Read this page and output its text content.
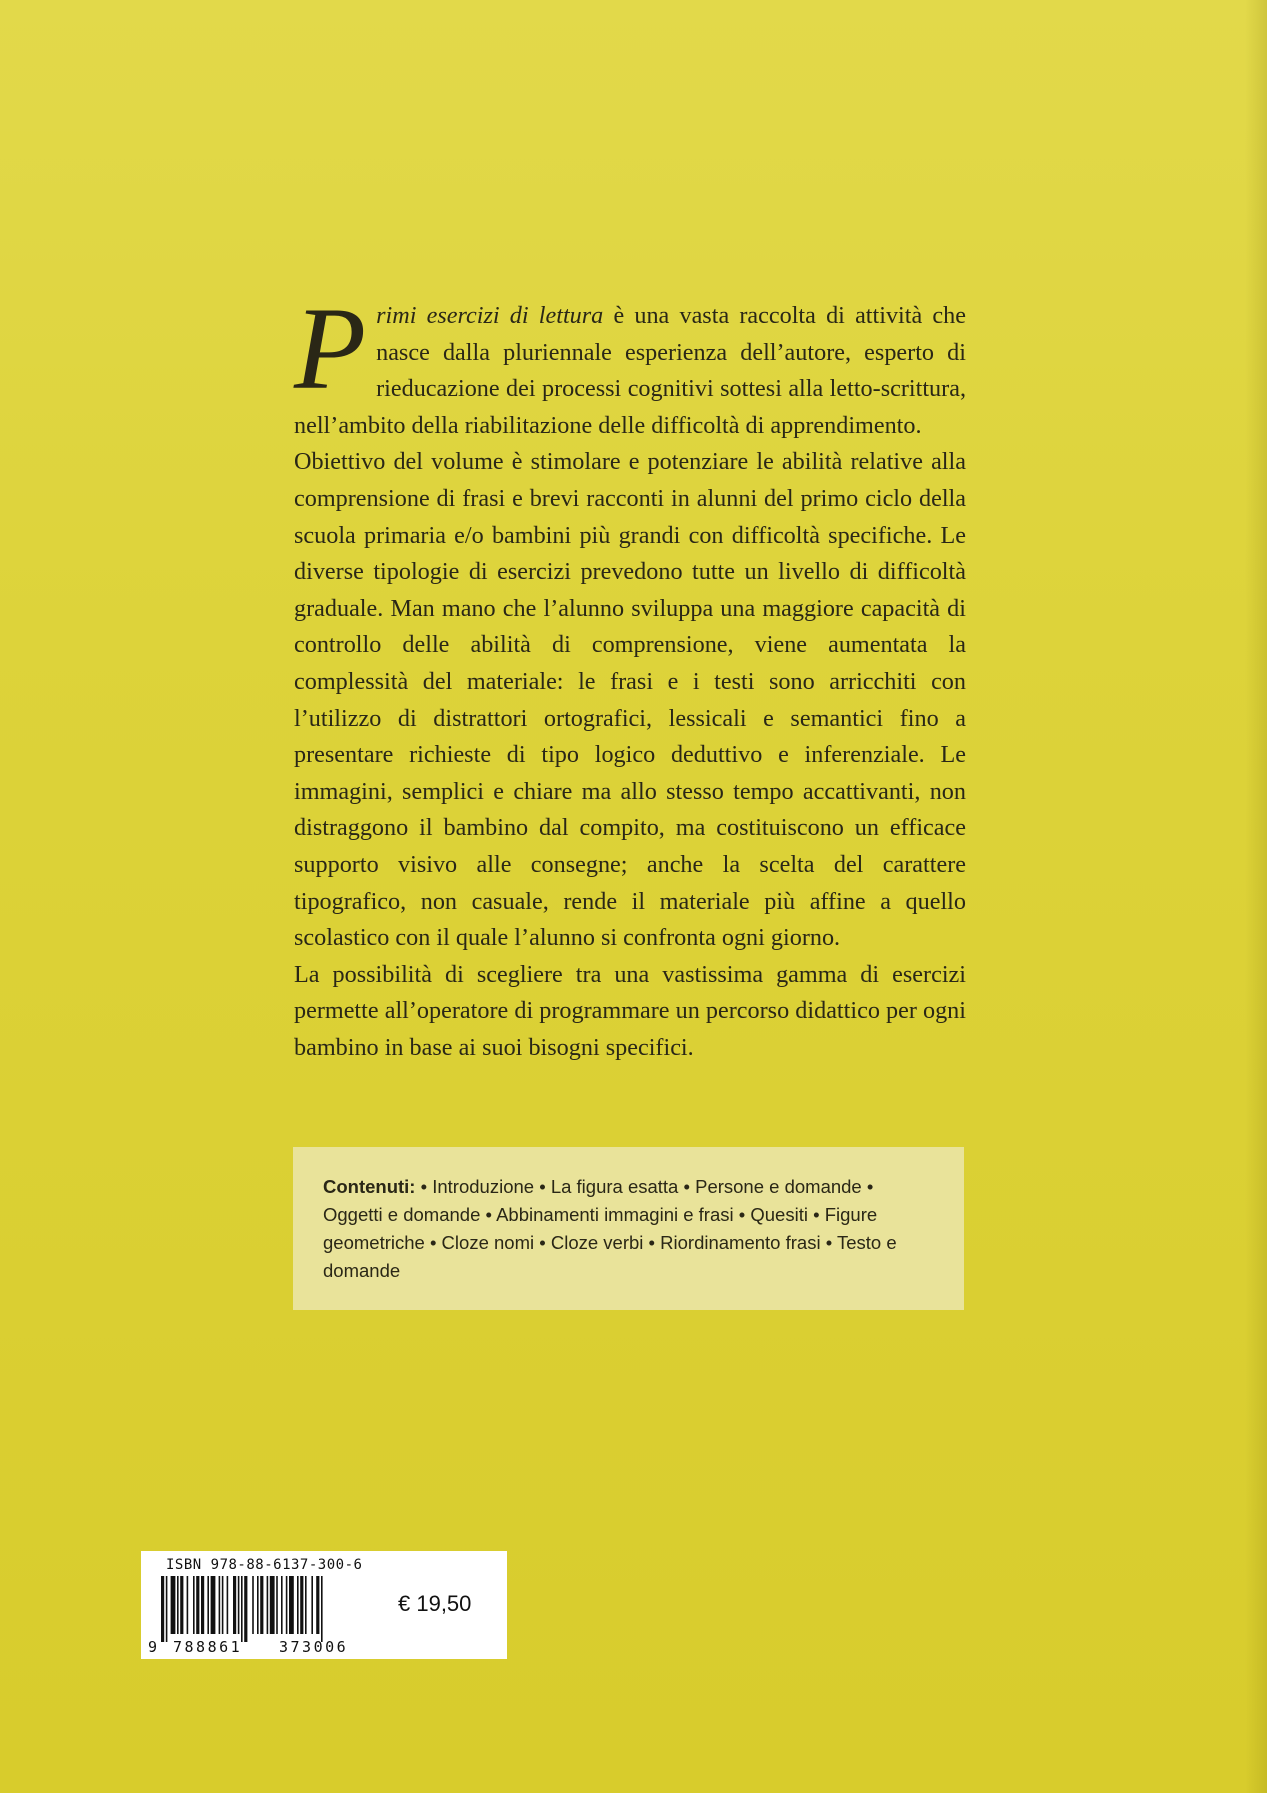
Primi esercizi di lettura è una vasta raccolta di attività che nasce dalla pluriennale esperienza dell’autore, esperto di rieducazione dei processi cognitivi sottesi alla letto-scrittura, nell’ambito della riabilitazione delle difficoltà di apprendimento.

Obiettivo del volume è stimolare e potenziare le abilità relative alla comprensione di frasi e brevi racconti in alunni del primo ciclo della scuola primaria e/o bambini più grandi con difficoltà specifiche. Le diverse tipologie di esercizi prevedono tutte un livello di difficoltà graduale. Man mano che l’alunno sviluppa una maggiore capacità di controllo delle abilità di comprensione, viene aumentata la complessità del materiale: le frasi e i testi sono arricchiti con l’utilizzo di distrattori ortografici, lessicali e semantici fino a presentare richieste di tipo logico deduttivo e inferenziale. Le immagini, semplici e chiare ma allo stesso tempo accattivanti, non distraggono il bambino dal compito, ma costituiscono un efficace supporto visivo alle consegne; anche la scelta del carattere tipografico, non casuale, rende il materiale più affine a quello scolastico con il quale l’alunno si confronta ogni giorno.

La possibilità di scegliere tra una vastissima gamma di esercizi permette all’operatore di programmare un percorso didattico per ogni bambino in base ai suoi bisogni specifici.

Contenuti: • Introduzione • La figura esatta • Persone e domande • Oggetti e domande • Abbinamenti immagini e frasi • Quesiti • Figure geometriche • Cloze nomi • Cloze verbi • Riordinamento frasi • Testo e domande
ISBN 978-88-6137-300-6
9 788861 373006
€ 19,50
